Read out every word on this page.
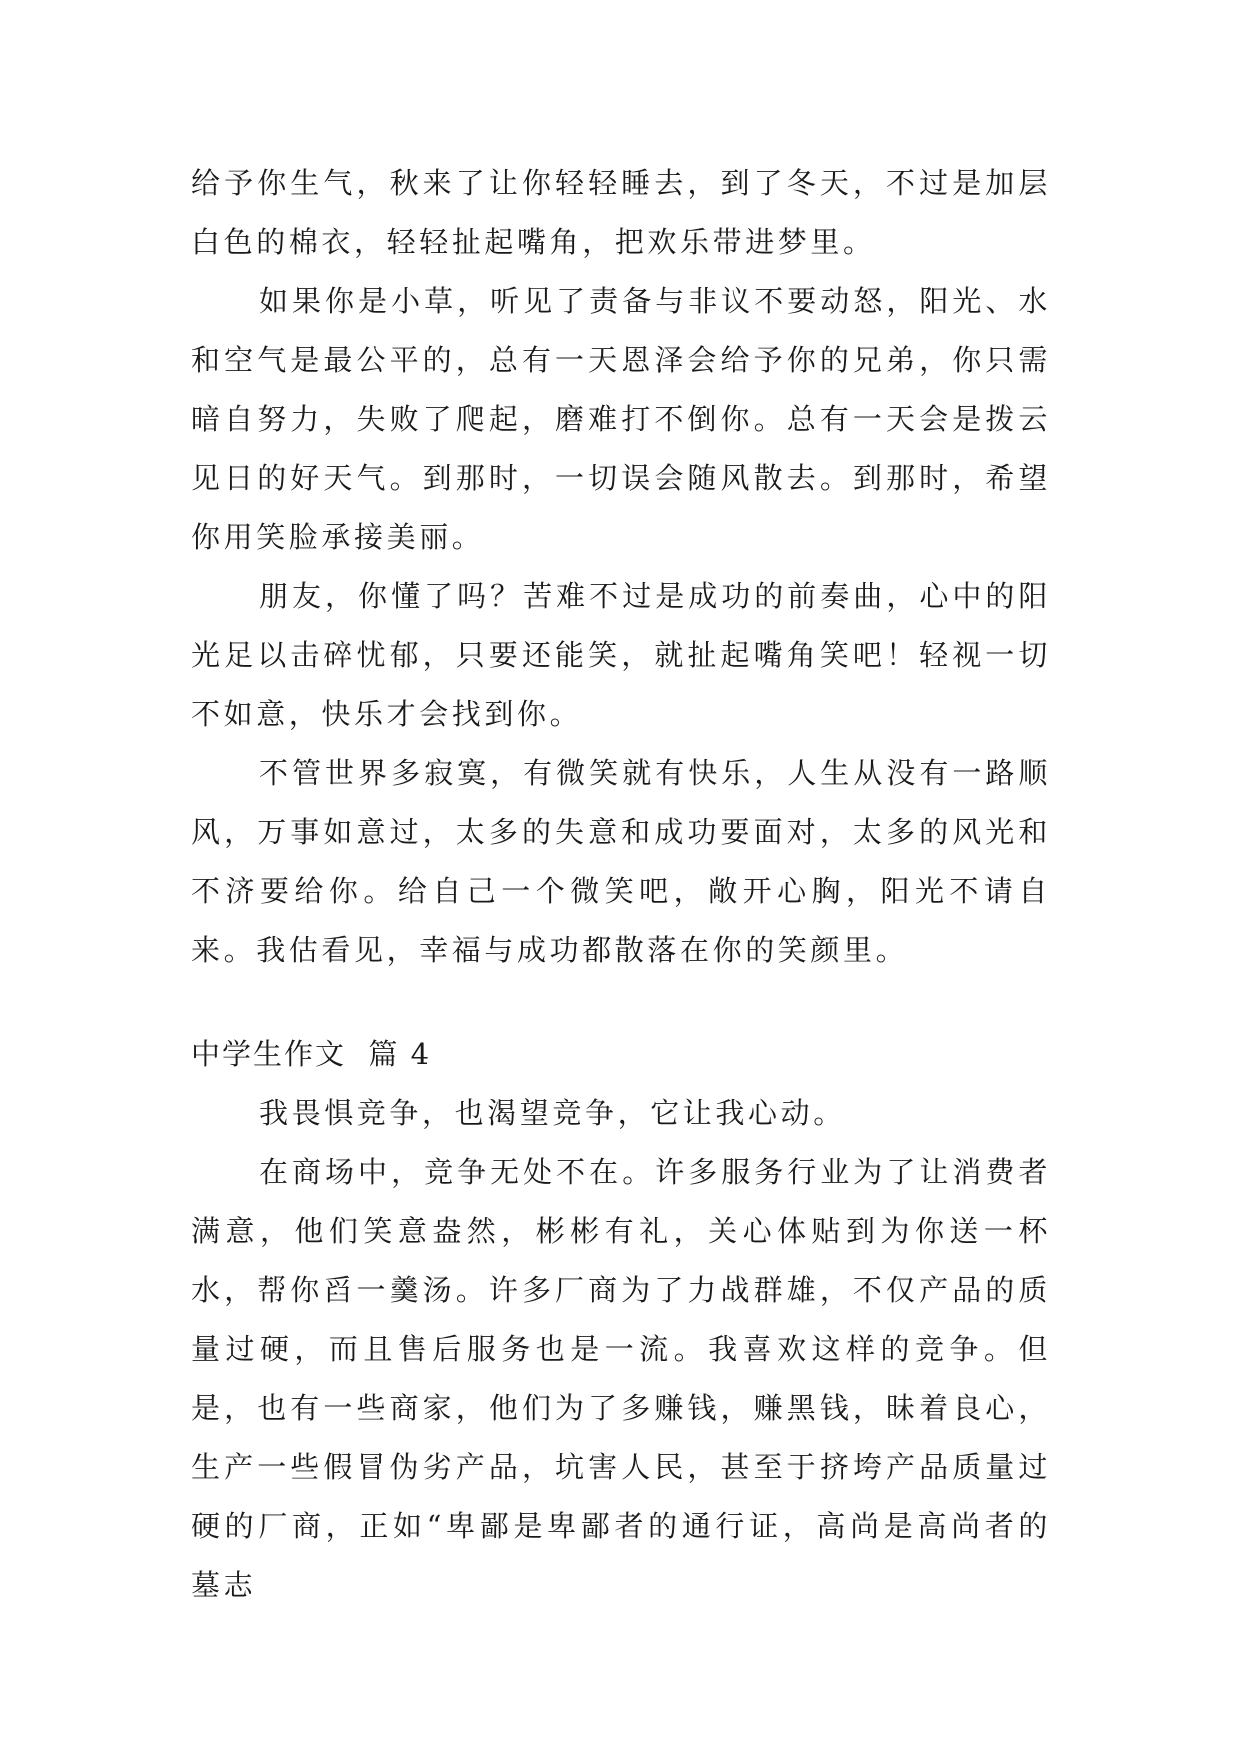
给予你生气，秋来了让你轻轻睡去，到了冬天，不过是加层白色的棉衣，轻轻扯起嘴角，把欢乐带进梦里。

如果你是小草，听见了责备与非议不要动怒，阳光、水和空气是最公平的，总有一天恩泽会给予你的兄弟，你只需暗自努力，失败了爬起，磨难打不倒你。总有一天会是拨云见日的好天气。到那时，一切误会随风散去。到那时，希望你用笑脸承接美丽。

朋友，你懂了吗？苦难不过是成功的前奏曲，心中的阳光足以击碎忧郁，只要还能笑，就扯起嘴角笑吧！轻视一切不如意，快乐才会找到你。

不管世界多寂寞，有微笑就有快乐，人生从没有一路顺风，万事如意过，太多的失意和成功要面对，太多的风光和不济要给你。给自己一个微笑吧，敞开心胸，阳光不请自来。我估看见，幸福与成功都散落在你的笑颜里。

中学生作文  篇 4

我畏惧竞争，也渴望竞争，它让我心动。

在商场中，竞争无处不在。许多服务行业为了让消费者满意，他们笑意盎然，彬彬有礼，关心体贴到为你送一杯水，帮你舀一羹汤。许多厂商为了力战群雄，不仅产品的质量过硬，而且售后服务也是一流。我喜欢这样的竞争。但是，也有一些商家，他们为了多赚钱，赚黑钱，昧着良心，生产一些假冒伪劣产品，坑害人民，甚至于挤垮产品质量过硬的厂商，正如“卑鄙是卑鄙者的通行证，高尚是高尚者的墓志
